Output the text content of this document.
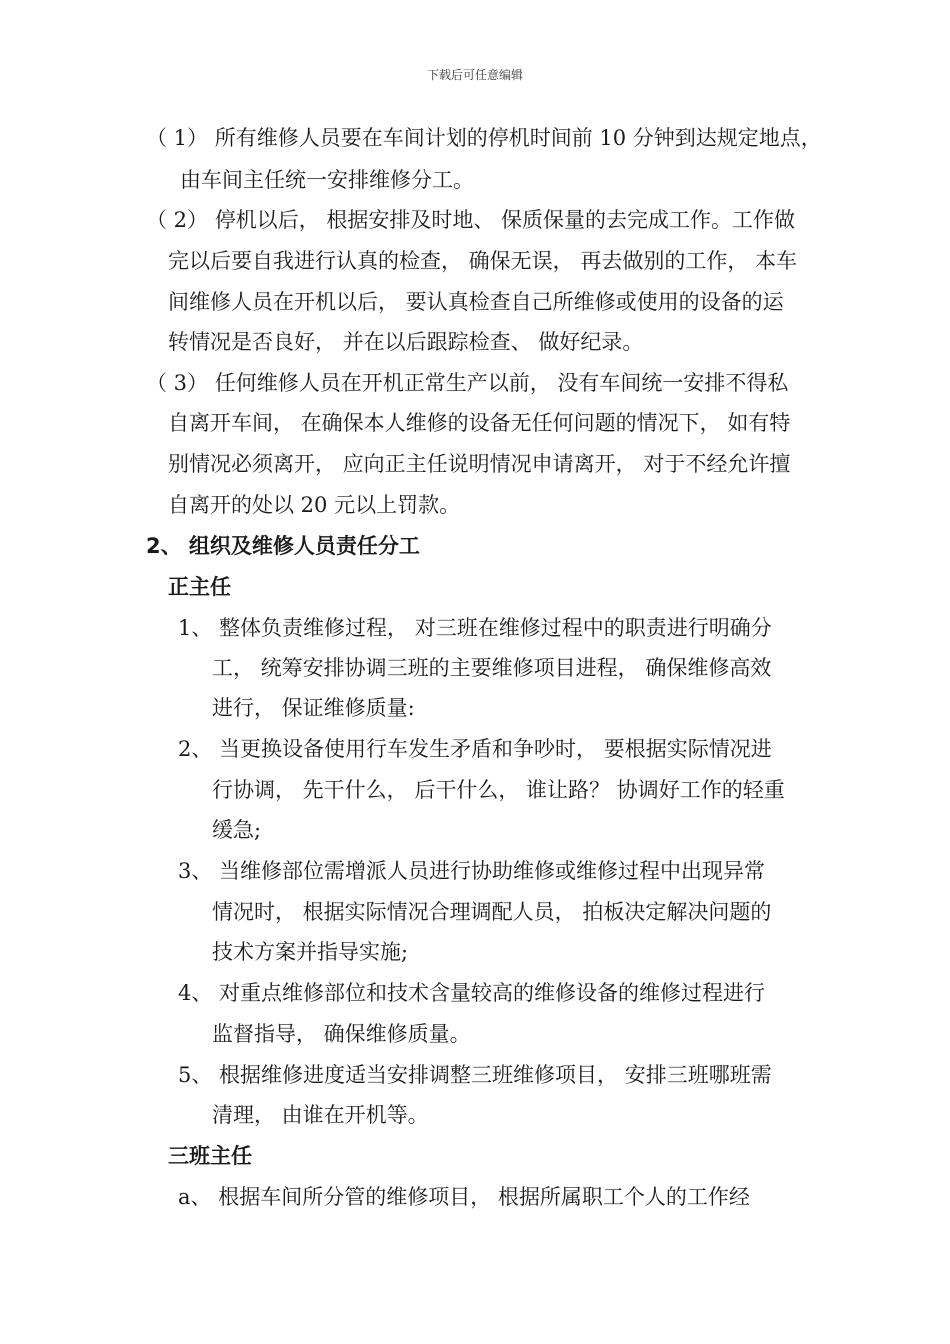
下载后可任意编辑
（ 1） 所有维修人员要在车间计划的停机时间前 10 分钟到达规定地点，
由车间主任统一安排维修分工。
（ 2） 停机以后， 根据安排及时地、 保质保量的去完成工作。工作做
完以后要自我进行认真的检查， 确保无误， 再去做别的工作， 本车
间维修人员在开机以后， 要认真检查自己所维修或使用的设备的运
转情况是否良好， 并在以后跟踪检查、 做好纪录。
（ 3） 任何维修人员在开机正常生产以前， 没有车间统一安排不得私
自离开车间， 在确保本人维修的设备无任何问题的情况下， 如有特
别情况必须离开， 应向正主任说明情况申请离开， 对于不经允许擅
自离开的处以 20 元以上罚款。
2、 组织及维修人员责任分工
正主任
1、 整体负责维修过程， 对三班在维修过程中的职责进行明确分
工， 统筹安排协调三班的主要维修项目进程， 确保维修高效
进行， 保证维修质量:
2、 当更换设备使用行车发生矛盾和争吵时， 要根据实际情况进
行协调， 先干什么， 后干什么， 谁让路？ 协调好工作的轻重
缓急;
3、 当维修部位需增派人员进行协助维修或维修过程中出现异常
情况时， 根据实际情况合理调配人员， 拍板决定解决问题的
技术方案并指导实施;
4、 对重点维修部位和技术含量较高的维修设备的维修过程进行
监督指导， 确保维修质量。
5、 根据维修进度适当安排调整三班维修项目， 安排三班哪班需
清理， 由谁在开机等。
三班主任
a、 根据车间所分管的维修项目， 根据所属职工个人的工作经
